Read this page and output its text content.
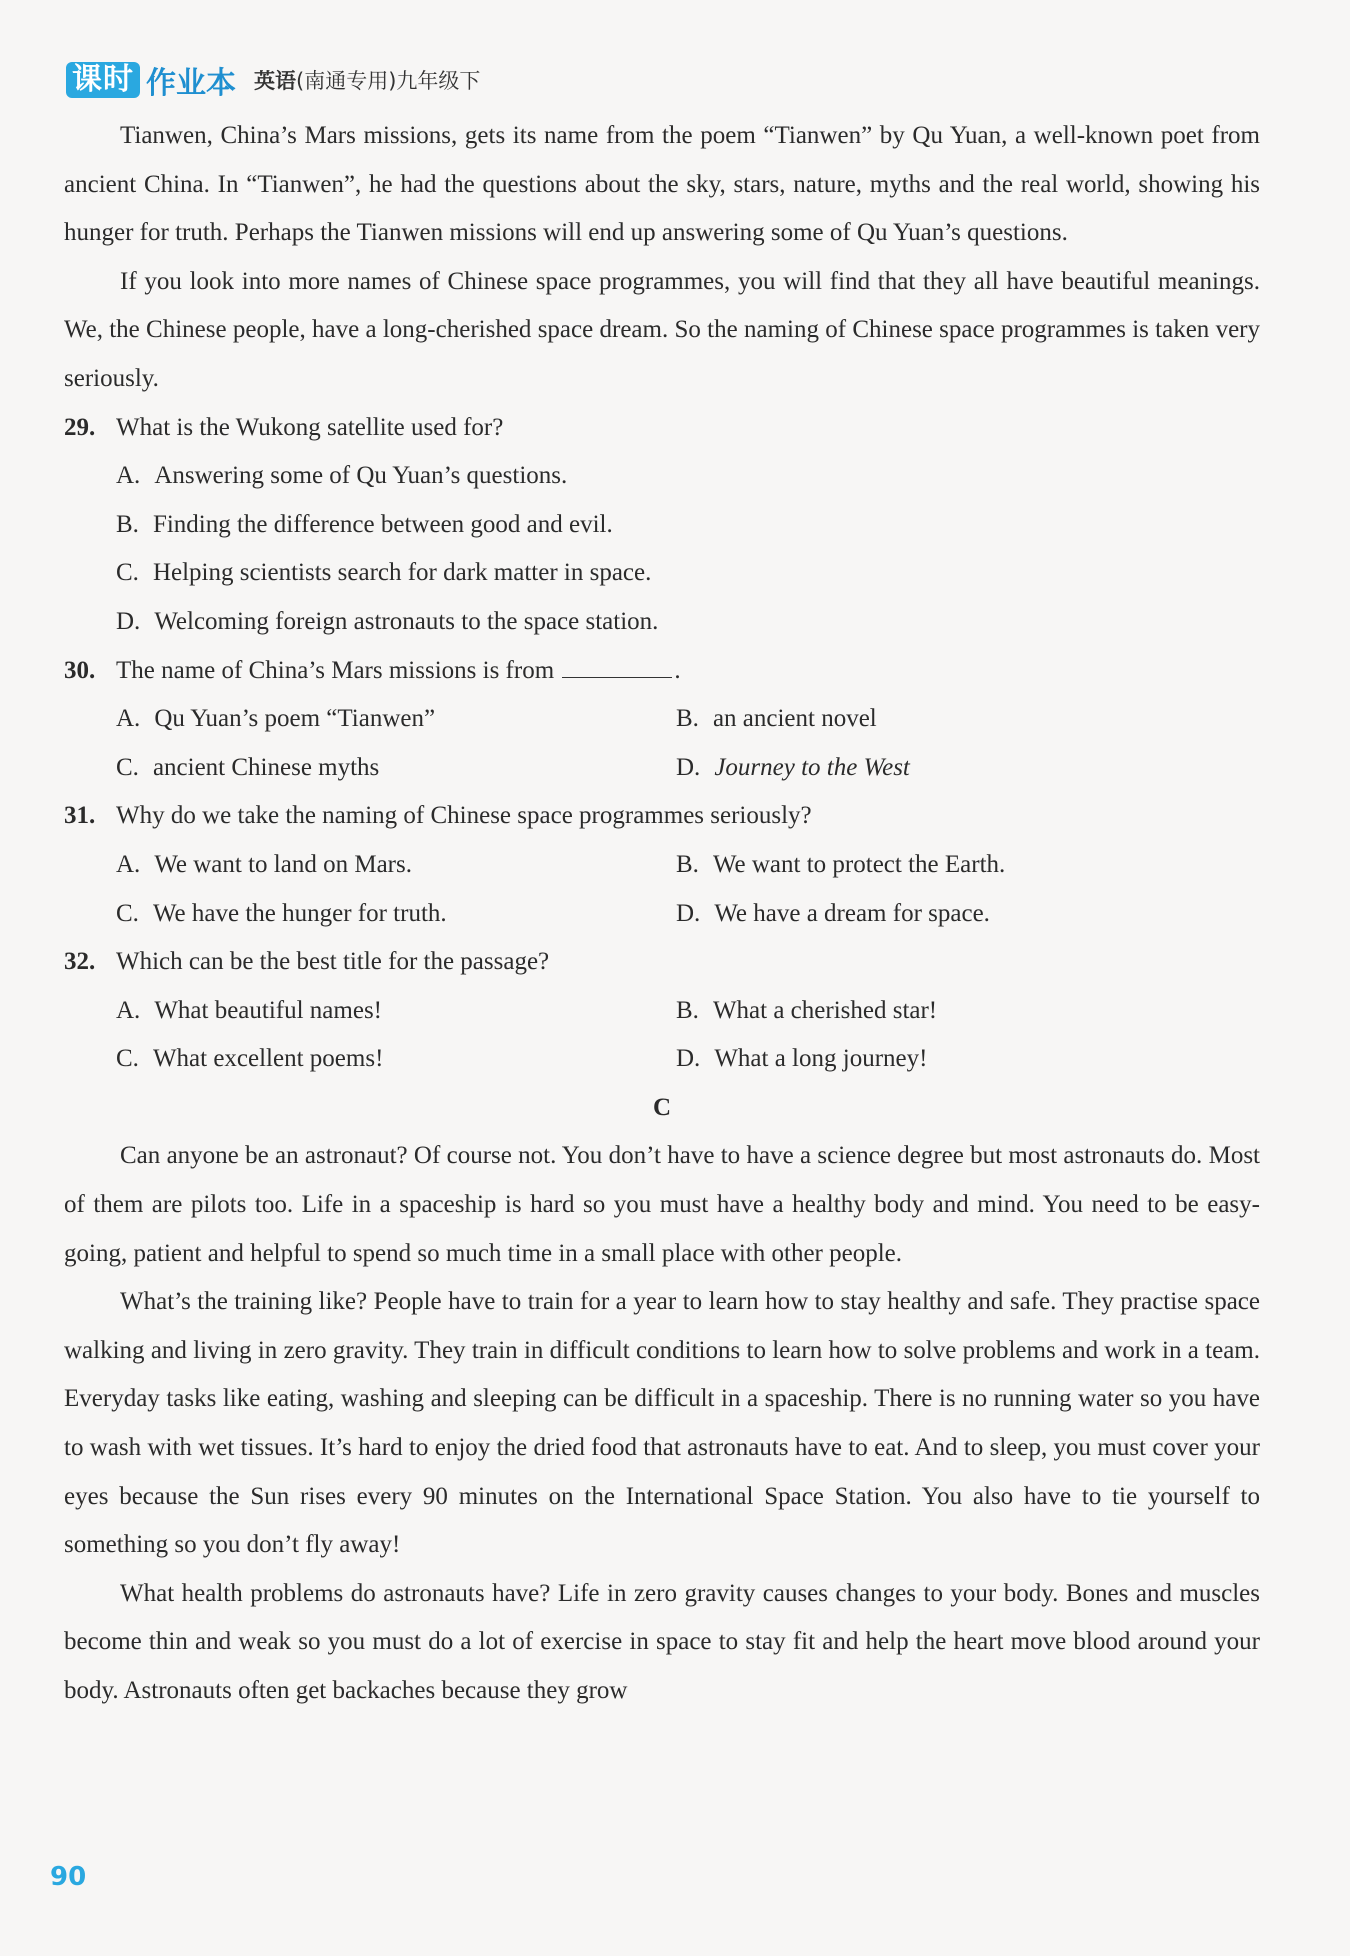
课时 作业本 英语(南通专用)九年级下

Tianwen, China’s Mars missions, gets its name from the poem “Tianwen” by Qu Yuan, a well-known poet from ancient China. In “Tianwen”, he had the questions about the sky, stars, nature, myths and the real world, showing his hunger for truth. Perhaps the Tianwen missions will end up answering some of Qu Yuan’s questions.

If you look into more names of Chinese space programmes, you will find that they all have beautiful meanings. We, the Chinese people, have a long-cherished space dream. So the naming of Chinese space programmes is taken very seriously.

29. What is the Wukong satellite used for?
A. Answering some of Qu Yuan’s questions.
B. Finding the difference between good and evil.
C. Helping scientists search for dark matter in space.
D. Welcoming foreign astronauts to the space station.
30. The name of China’s Mars missions is from	.
A. Qu Yuan’s poem “Tianwen”	B. an ancient novel
C. ancient Chinese myths	D. Journey to the West
31. Why do we take the naming of Chinese space programmes seriously?
A. We want to land on Mars.	B. We want to protect the Earth.
C. We have the hunger for truth.	D. We have a dream for space.
32. Which can be the best title for the passage?
A. What beautiful names!	B. What a cherished star!
C. What excellent poems!	D. What a long journey!

C

Can anyone be an astronaut? Of course not. You don’t have to have a science degree but most astronauts do. Most of them are pilots too. Life in a spaceship is hard so you must have a healthy body and mind. You need to be easy-going, patient and helpful to spend so much time in a small place with other people.

What’s the training like? People have to train for a year to learn how to stay healthy and safe. They practise space walking and living in zero gravity. They train in difficult conditions to learn how to solve problems and work in a team. Everyday tasks like eating, washing and sleeping can be difficult in a spaceship. There is no running water so you have to wash with wet tissues. It’s hard to enjoy the dried food that astronauts have to eat. And to sleep, you must cover your eyes because the Sun rises every 90 minutes on the International Space Station. You also have to tie yourself to something so you don’t fly away!

What health problems do astronauts have? Life in zero gravity causes changes to your body. Bones and muscles become thin and weak so you must do a lot of exercise in space to stay fit and help the heart move blood around your body. Astronauts often get backaches because they grow

90
